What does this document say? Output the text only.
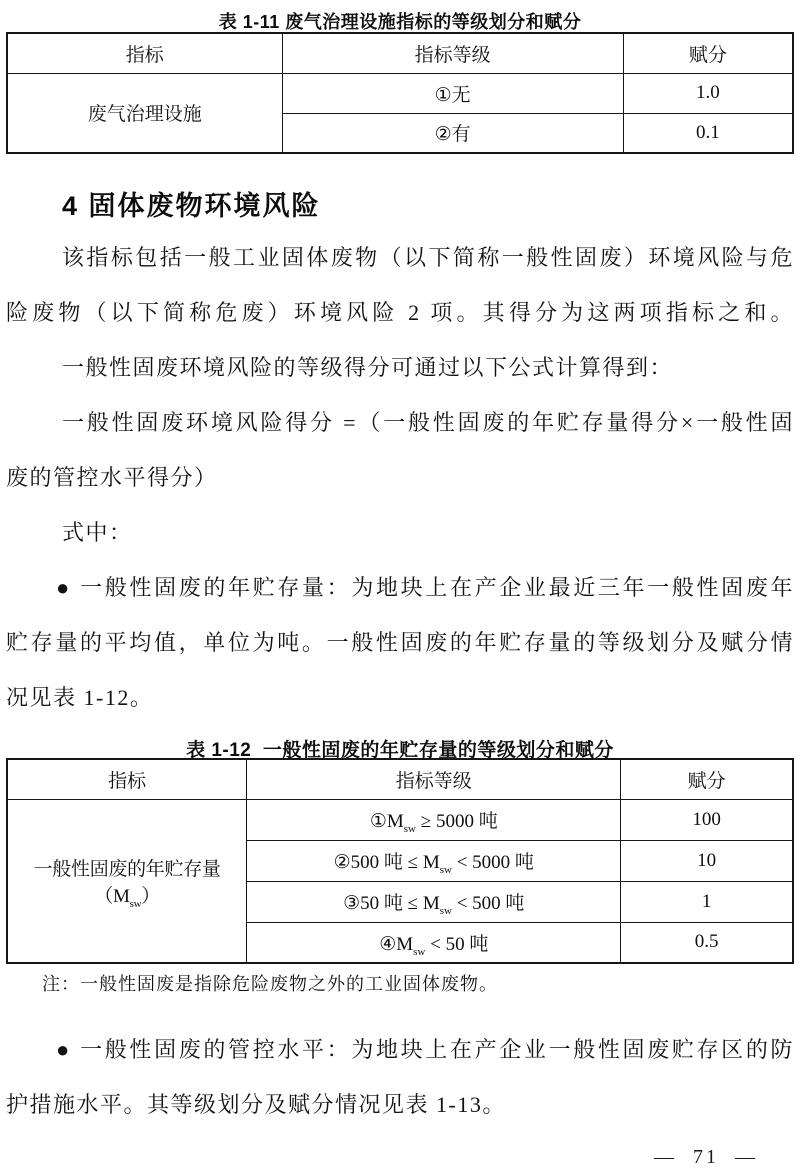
表 1-11 废气治理设施指标的等级划分和赋分
指标	指标等级	赋分
废气治理设施	①无	1.0
	②有	0.1
4 固体废物环境风险
该指标包括一般工业固体废物（以下简称一般性固废）环境风险与危
险废物（以下简称危废）环境风险 2 项。其得分为这两项指标之和。
一般性固废环境风险的等级得分可通过以下公式计算得到：
一般性固废环境风险得分 =（一般性固废的年贮存量得分×一般性固
废的管控水平得分）
式中：
● 一般性固废的年贮存量：为地块上在产企业最近三年一般性固废年
贮存量的平均值，单位为吨。一般性固废的年贮存量的等级划分及赋分情
况见表 1-12。
表 1-12  一般性固废的年贮存量的等级划分和赋分
指标	指标等级	赋分
一般性固废的年贮存量$(M_{sw})$	$①M_{sw} \ge 5000$ 吨	100
	②500 吨 ≤ $M_{sw} < 5000$ 吨	10
	③50 吨 ≤ $M_{sw} < 500$ 吨	1
	$④M_{sw} < 50$ 吨	0.5
注：一般性固废是指除危险废物之外的工业固体废物。
● 一般性固废的管控水平：为地块上在产企业一般性固废贮存区的防
护措施水平。其等级划分及赋分情况见表 1-13。
— 71 —
